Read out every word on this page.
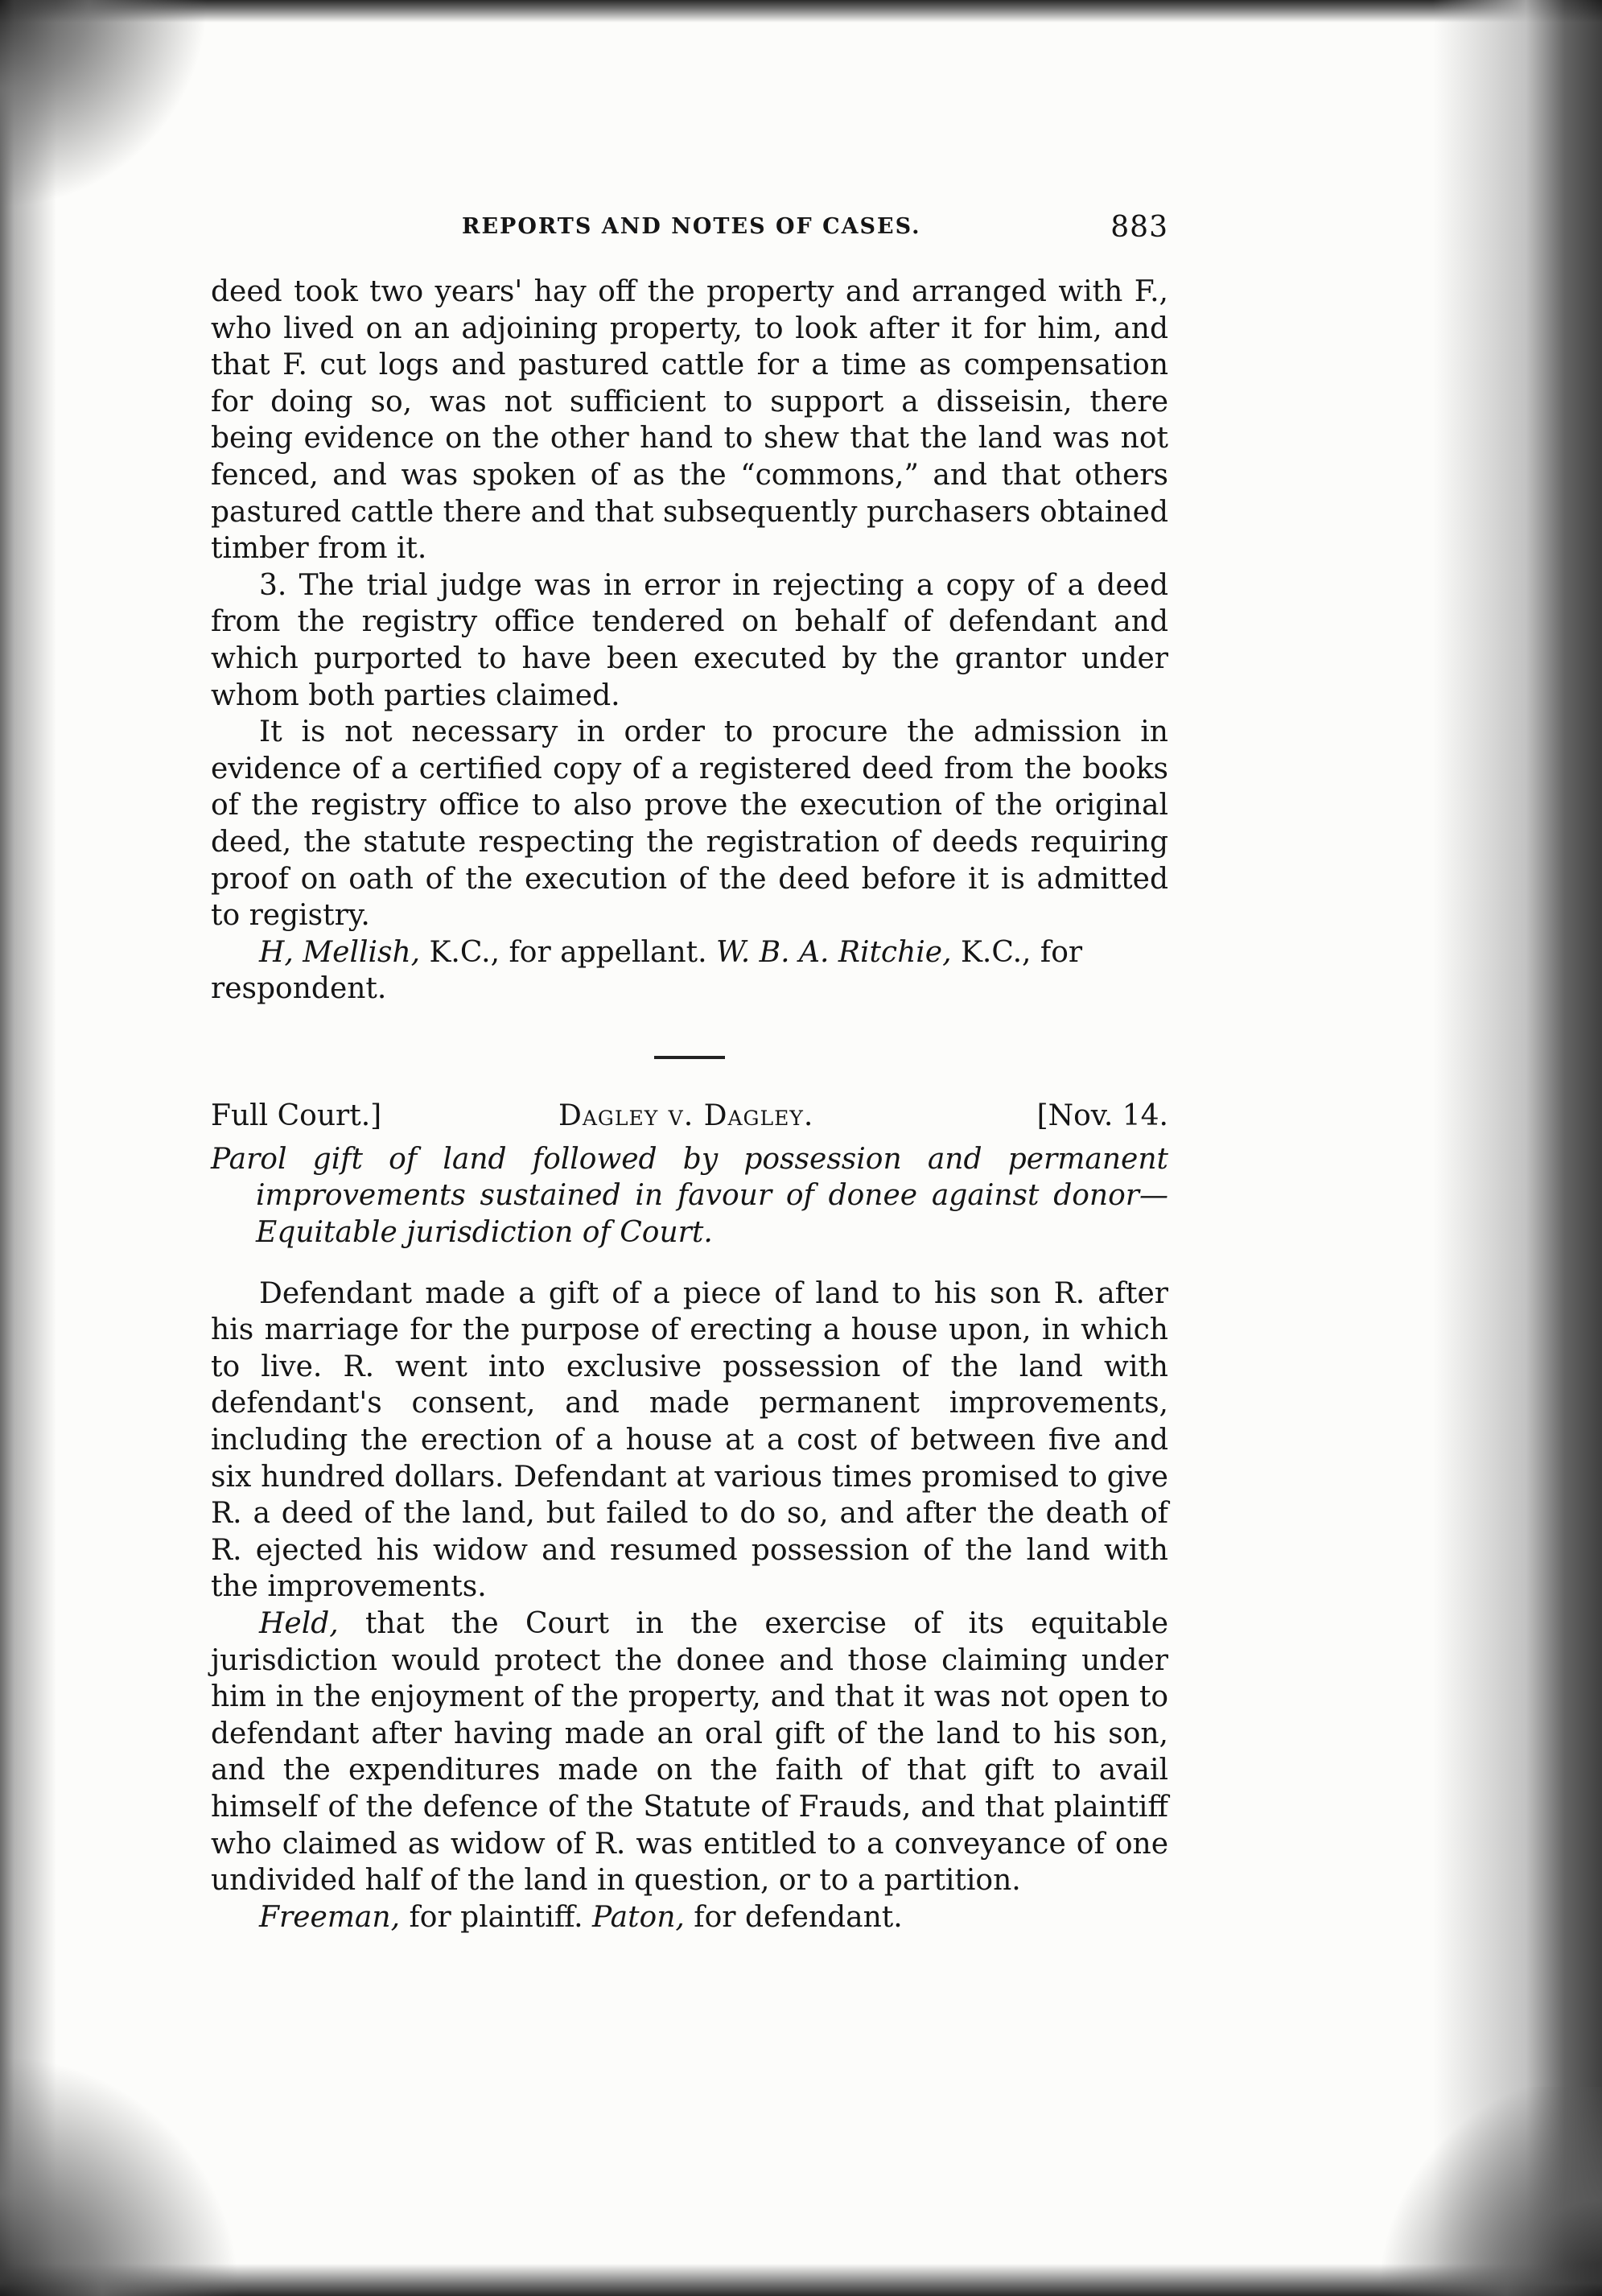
REPORTS AND NOTES OF CASES.	883

deed took two years' hay off the property and arranged with F., who lived on an adjoining property, to look after it for him, and that F. cut logs and pastured cattle for a time as compensation for doing so, was not sufficient to support a disseisin, there being evidence on the other hand to shew that the land was not fenced, and was spoken of as the “commons,” and that others pastured cattle there and that subsequently purchasers obtained timber from it.

3. The trial judge was in error in rejecting a copy of a deed from the registry office tendered on behalf of defendant and which purported to have been executed by the grantor under whom both parties claimed.

It is not necessary in order to procure the admission in evidence of a certified copy of a registered deed from the books of the registry office to also prove the execution of the original deed, the statute respecting the registration of deeds requiring proof on oath of the execution of the deed before it is admitted to registry.

H, Mellish, K.C., for appellant. W. B. A. Ritchie, K.C., for respondent.

Full Court.]	Dagley v. Dagley.	[Nov. 14.
Parol gift of land followed by possession and permanent improvements sustained in favour of donee against donor—Equitable jurisdiction of Court.

Defendant made a gift of a piece of land to his son R. after his marriage for the purpose of erecting a house upon, in which to live. R. went into exclusive possession of the land with defendant's consent, and made permanent improvements, including the erection of a house at a cost of between five and six hundred dollars. Defendant at various times promised to give R. a deed of the land, but failed to do so, and after the death of R. ejected his widow and resumed possession of the land with the improvements.

Held, that the Court in the exercise of its equitable jurisdiction would protect the donee and those claiming under him in the enjoyment of the property, and that it was not open to defendant after having made an oral gift of the land to his son, and the expenditures made on the faith of that gift to avail himself of the defence of the Statute of Frauds, and that plaintiff who claimed as widow of R. was entitled to a conveyance of one undivided half of the land in question, or to a partition.

Freeman, for plaintiff. Paton, for defendant.
